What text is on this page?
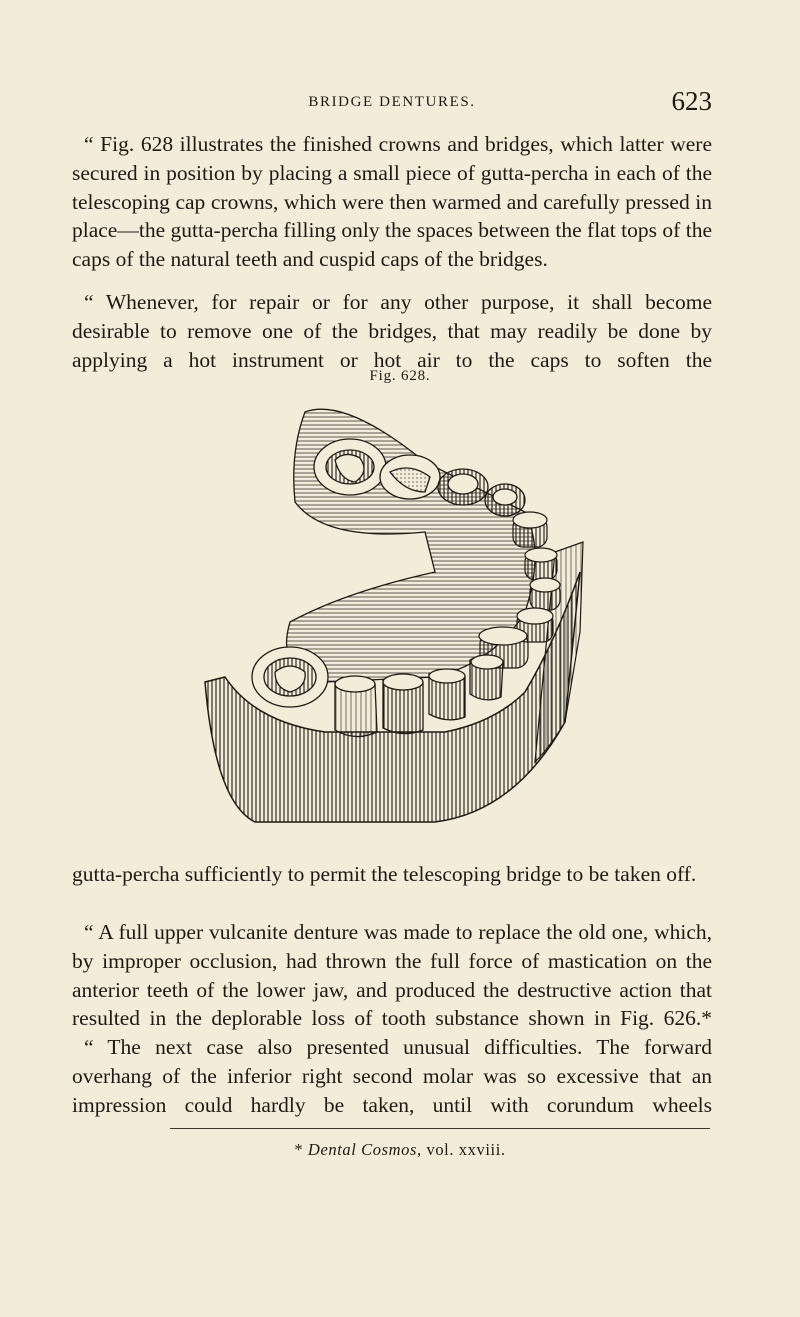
BRIDGE DENTURES.	623

“ Fig. 628 illustrates the finished crowns and bridges, which latter were secured in position by placing a small piece of gutta-percha in each of the telescoping cap crowns, which were then warmed and carefully pressed in place—the gutta-percha filling only the spaces between the flat tops of the caps of the natural teeth and cuspid caps of the bridges.

“ Whenever, for repair or for any other purpose, it shall become desirable to remove one of the bridges, that may readily be done by applying a hot instrument or hot air to the caps to soften the

Fig. 628.

gutta-percha sufficiently to permit the telescoping bridge to be taken off.

“ A full upper vulcanite denture was made to replace the old one, which, by improper occlusion, had thrown the full force of mastication on the anterior teeth of the lower jaw, and produced the destructive action that resulted in the deplorable loss of tooth substance shown in Fig. 626.*

“ The next case also presented unusual difficulties. The forward overhang of the inferior right second molar was so excessive that an impression could hardly be taken, until with corundum wheels

* Dental Cosmos, vol. xxviii.
